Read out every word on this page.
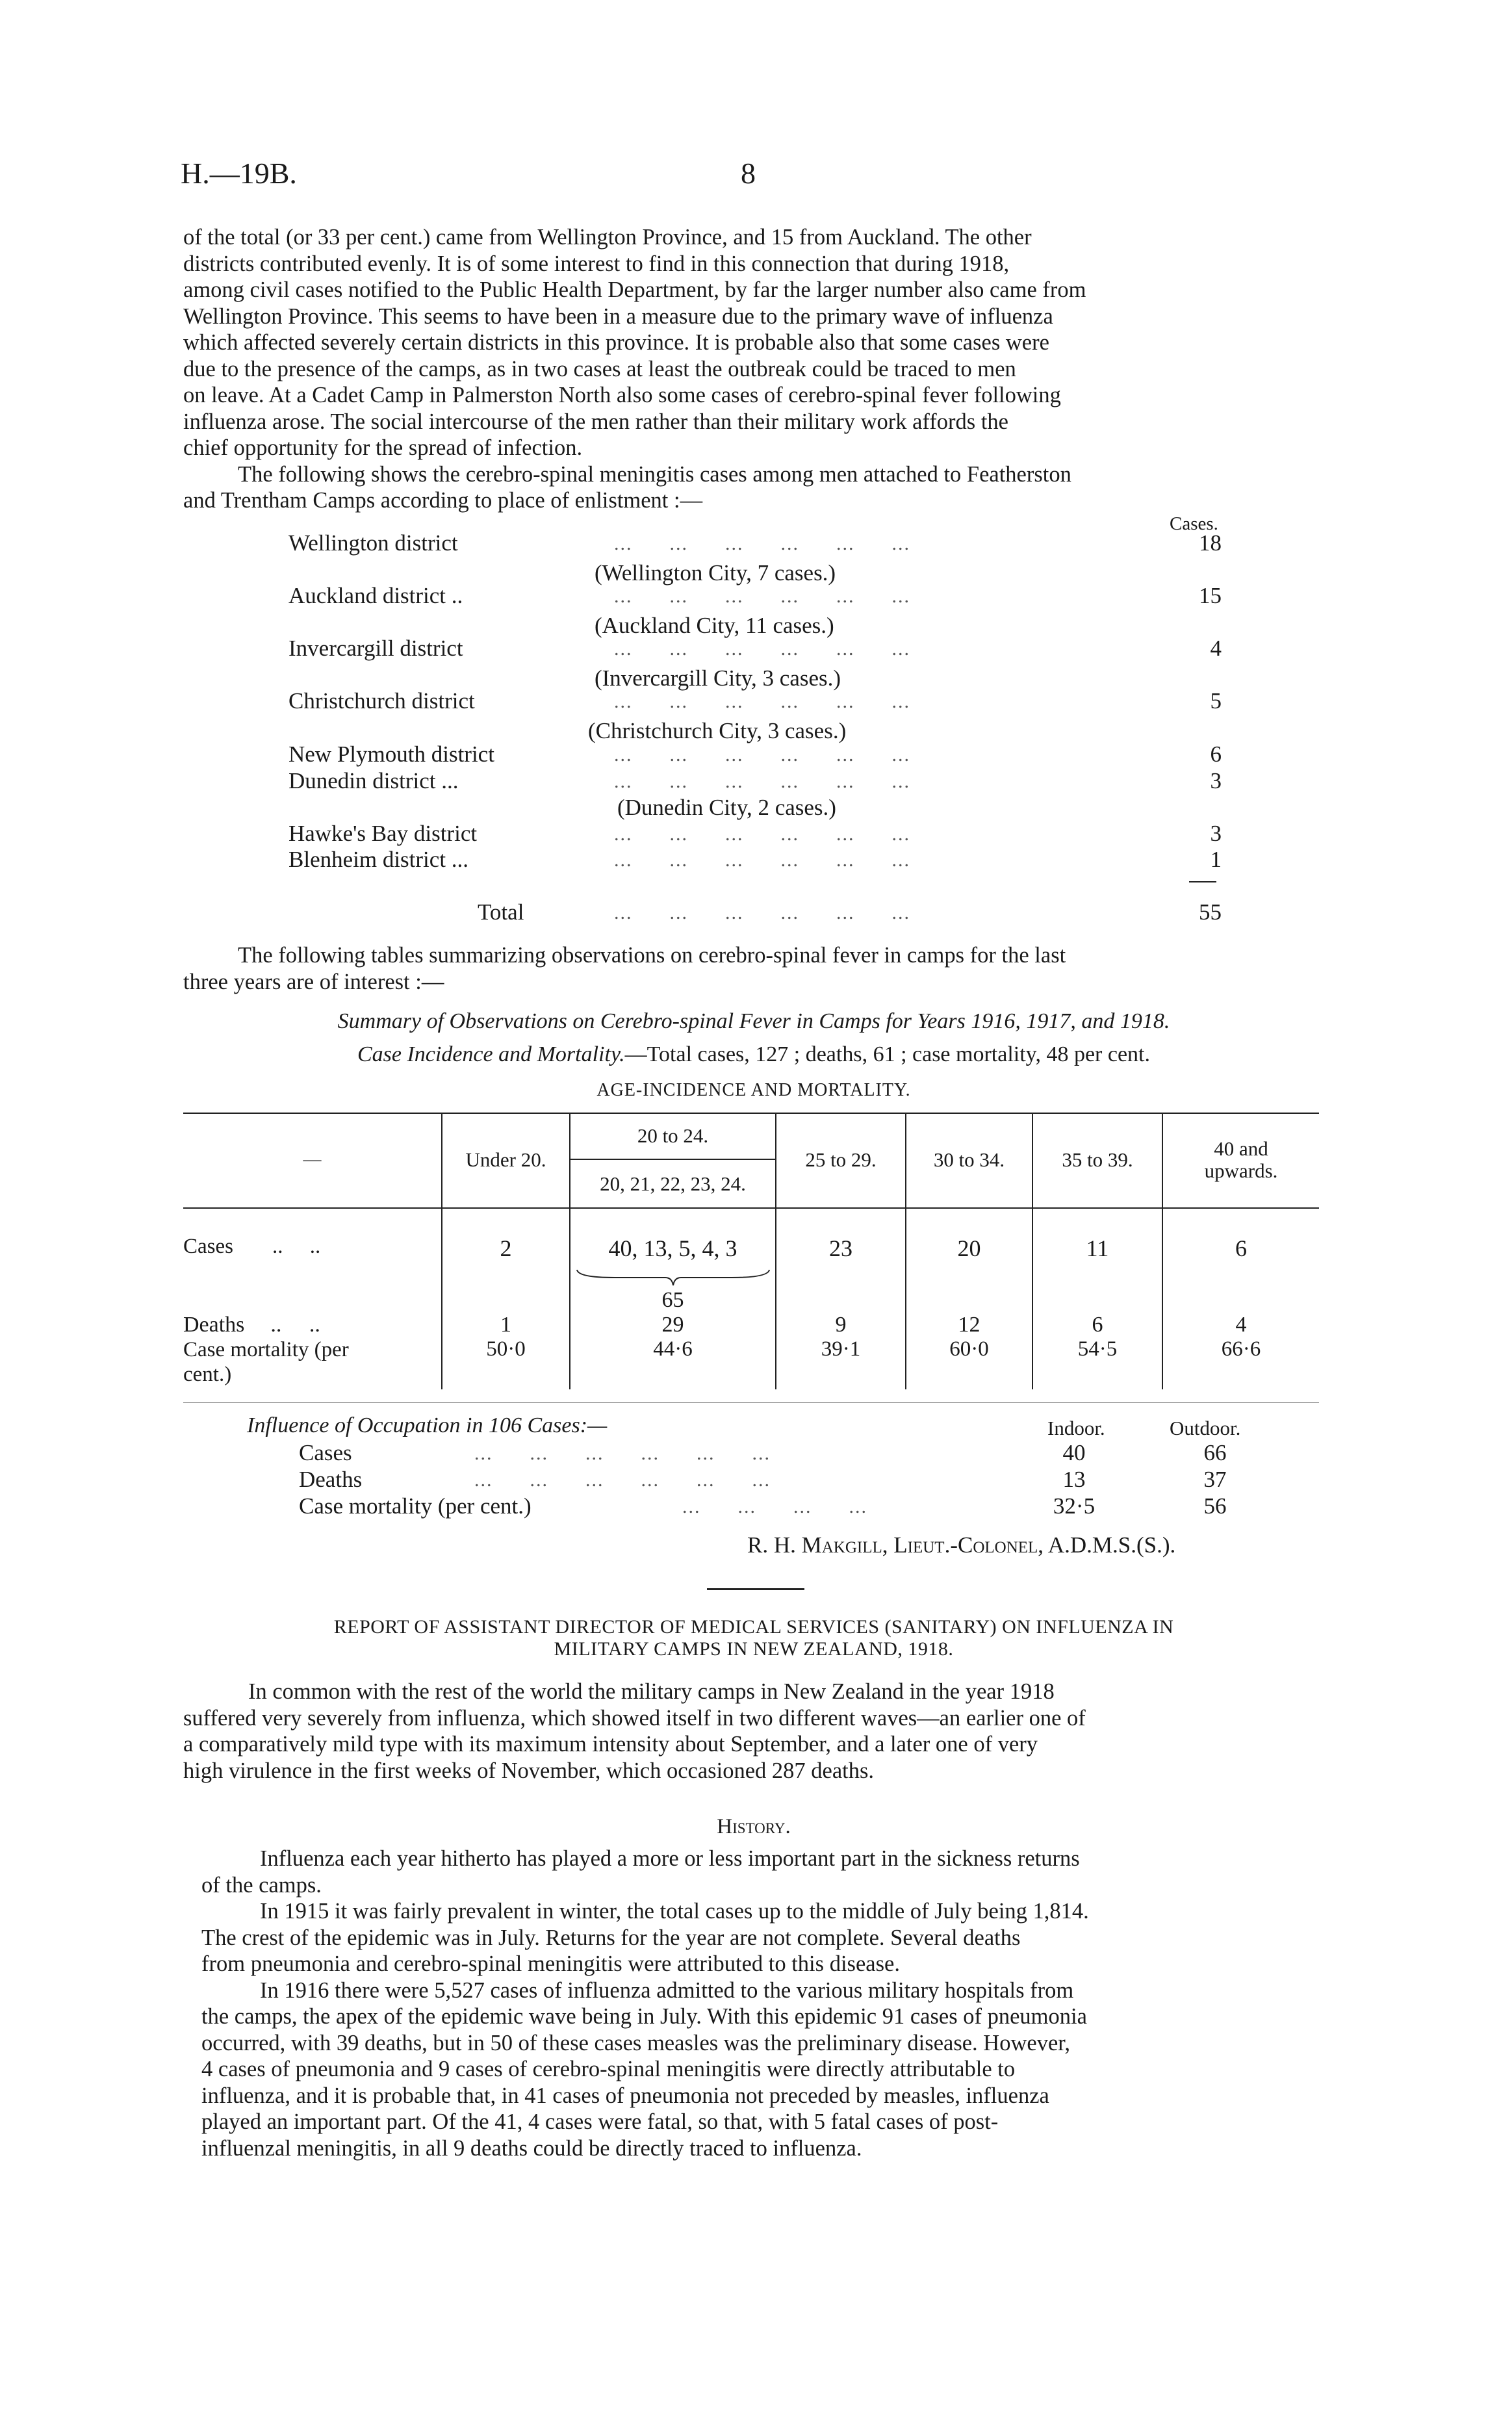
H.—19B.	8
of the total (or 33 per cent.) came from Wellington Province, and 15 from Auckland. The other
districts contributed evenly. It is of some interest to find in this connection that during 1918,
among civil cases notified to the Public Health Department, by far the larger number also came from
Wellington Province. This seems to have been in a measure due to the primary wave of influenza
which affected severely certain districts in this province. It is probable also that some cases were
due to the presence of the camps, as in two cases at least the outbreak could be traced to men
on leave. At a Cadet Camp in Palmerston North also some cases of cerebro-spinal fever following
influenza arose. The social intercourse of the men rather than their military work affords the
chief opportunity for the spread of infection.
The following shows the cerebro-spinal meningitis cases among men attached to Featherston
and Trentham Camps according to place of enlistment :—
Cases.
Wellington district	...      ...      ...      ...      ...      ...	18
(Wellington City, 7 cases.)
Auckland district ..	...      ...      ...      ...      ...      ...	15
(Auckland City, 11 cases.)
Invercargill district	...      ...      ...      ...      ...      ...	4
(Invercargill City, 3 cases.)
Christchurch district	...      ...      ...      ...      ...      ...	5
(Christchurch City, 3 cases.)
New Plymouth district	...      ...      ...      ...      ...      ...	6
Dunedin district ...	...      ...      ...      ...      ...      ...	3
(Dunedin City, 2 cases.)
Hawke's Bay district	...      ...      ...      ...      ...      ...	3
Blenheim district ...	...      ...      ...      ...      ...      ...	1
Total	...      ...      ...      ...      ...      ...	55
The following tables summarizing observations on cerebro-spinal fever in camps for the last
three years are of interest :—
Summary of Observations on Cerebro-spinal Fever in Camps for Years 1916, 1917, and 1918.
Case Incidence and Mortality.—Total cases, 127 ; deaths, 61 ; case mortality, 48 per cent.
AGE-INCIDENCE AND MORTALITY.
—	Under 20.	20 to 24.	25 to 29.	30 to 34.	35 to 39.	40 and upwards.
		20, 21, 22, 23, 24.				
Cases ..     ..	2	40, 13, 5, 4, 3	23	20	11	6

65				
Deaths ..     ..	1	29	9	12	6	4
Case mortality (per cent.)	50·0	44·6	39·1	60·0	54·5	66·6
Influence of Occupation in 106 Cases:—	Indoor.	Outdoor.
Cases	...      ...      ...      ...      ...      ...	40	66
Deaths	...      ...      ...      ...      ...      ...	13	37
Case mortality (per cent.)	...      ...      ...      ...	32·5	56
R. H. Makgill, Lieut.-Colonel, A.D.M.S.(S.).
REPORT OF ASSISTANT DIRECTOR OF MEDICAL SERVICES (SANITARY) ON INFLUENZA IN
MILITARY CAMPS IN NEW ZEALAND, 1918.
In common with the rest of the world the military camps in New Zealand in the year 1918
suffered very severely from influenza, which showed itself in two different waves—an earlier one of
a comparatively mild type with its maximum intensity about September, and a later one of very
high virulence in the first weeks of November, which occasioned 287 deaths.
History.
Influenza each year hitherto has played a more or less important part in the sickness returns
of the camps.
In 1915 it was fairly prevalent in winter, the total cases up to the middle of July being 1,814.
The crest of the epidemic was in July. Returns for the year are not complete. Several deaths
from pneumonia and cerebro-spinal meningitis were attributed to this disease.
In 1916 there were 5,527 cases of influenza admitted to the various military hospitals from
the camps, the apex of the epidemic wave being in July. With this epidemic 91 cases of pneumonia
occurred, with 39 deaths, but in 50 of these cases measles was the preliminary disease. However,
4 cases of pneumonia and 9 cases of cerebro-spinal meningitis were directly attributable to
influenza, and it is probable that, in 41 cases of pneumonia not preceded by measles, influenza
played an important part. Of the 41, 4 cases were fatal, so that, with 5 fatal cases of post-
influenzal meningitis, in all 9 deaths could be directly traced to influenza.
